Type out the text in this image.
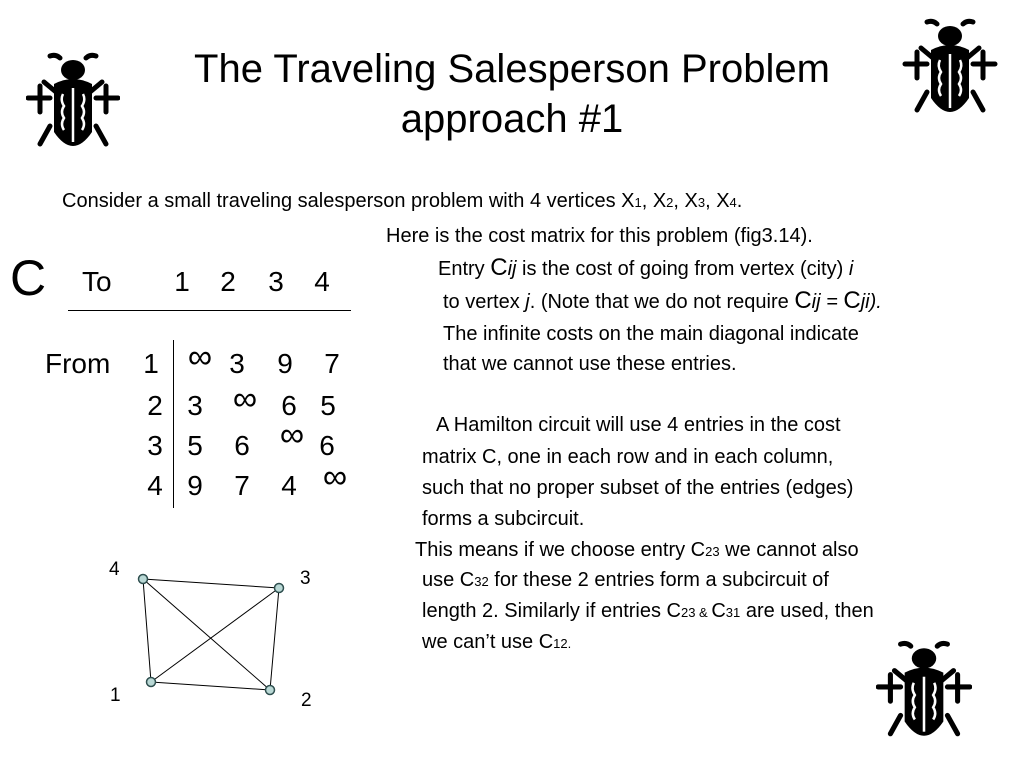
The Traveling Salesperson Problem
approach #1
Consider a small traveling salesperson problem with 4 vertices X1, X2, X3, X4.
Here is the cost matrix for this problem (fig3.14).
Entry Cij is the cost of going from vertex (city) i
to vertex j. (Note that we do not require Cij = Cji).
The infinite costs on the main diagonal indicate
that we cannot use these entries.
A Hamilton circuit will use 4 entries in the cost
matrix C, one in each row and in each column,
such that no proper subset of the entries (edges)
forms a subcircuit.
This means if we choose entry C23 we cannot also
use C32 for these 2 entries form a subcircuit of
length 2. Similarly if entries C23 & C31 are used, then
we can’t use C12.
C To
From
1 2 3 4
1
2
3
4
∞ 3 9 7
3 ∞ 6 5
5 6 ∞ 6
9 7 4 ∞
1	2
3
4
